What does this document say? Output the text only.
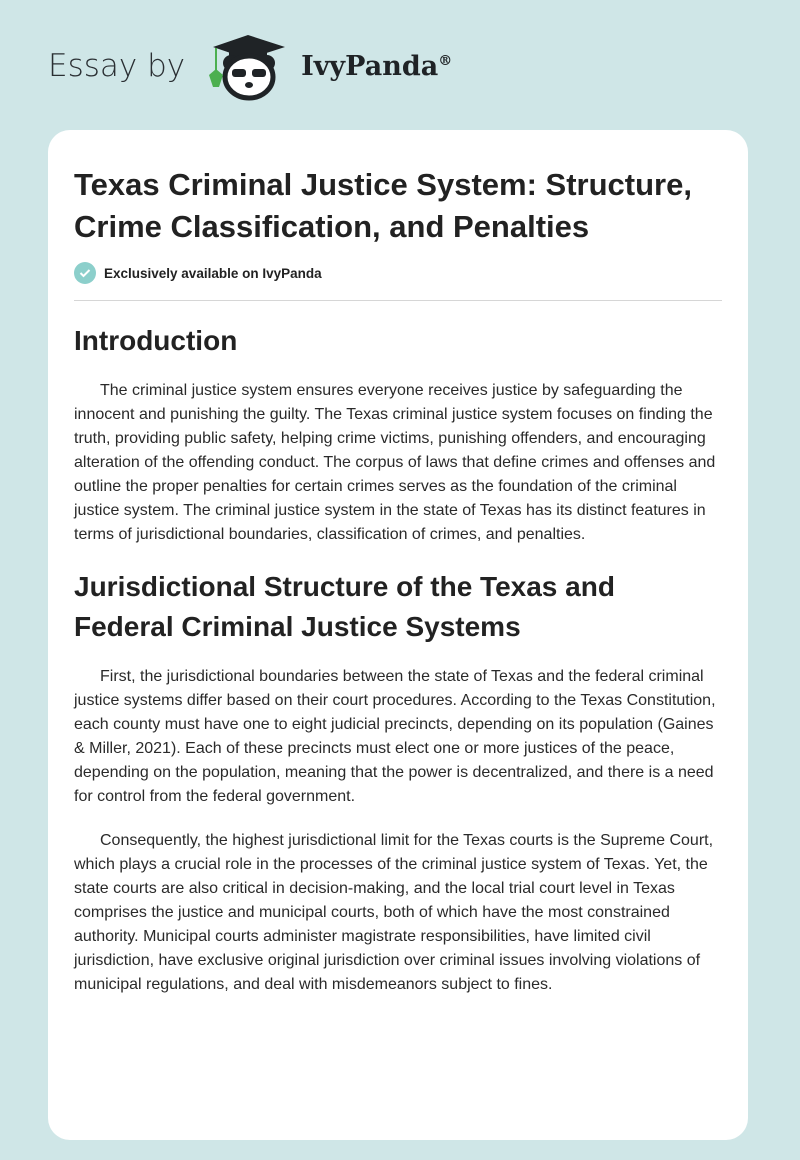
Essay by	IvyPanda®
Texas Criminal Justice System: Structure, Crime Classification, and Penalties
Exclusively available on IvyPanda
Introduction

The criminal justice system ensures everyone receives justice by safeguarding the innocent and punishing the guilty. The Texas criminal justice system focuses on finding the truth, providing public safety, helping crime victims, punishing offenders, and encouraging alteration of the offending conduct. The corpus of laws that define crimes and offenses and outline the proper penalties for certain crimes serves as the foundation of the criminal justice system. The criminal justice system in the state of Texas has its distinct features in terms of jurisdictional boundaries, classification of crimes, and penalties.

Jurisdictional Structure of the Texas and Federal Criminal Justice Systems

First, the jurisdictional boundaries between the state of Texas and the federal criminal justice systems differ based on their court procedures. According to the Texas Constitution, each county must have one to eight judicial precincts, depending on its population (Gaines & Miller, 2021). Each of these precincts must elect one or more justices of the peace, depending on the population, meaning that the power is decentralized, and there is a need for control from the federal government.

Consequently, the highest jurisdictional limit for the Texas courts is the Supreme Court, which plays a crucial role in the processes of the criminal justice system of Texas. Yet, the state courts are also critical in decision-making, and the local trial court level in Texas comprises the justice and municipal courts, both of which have the most constrained authority. Municipal courts administer magistrate responsibilities, have limited civil jurisdiction, have exclusive original jurisdiction over criminal issues involving violations of municipal regulations, and deal with misdemeanors subject to fines.
